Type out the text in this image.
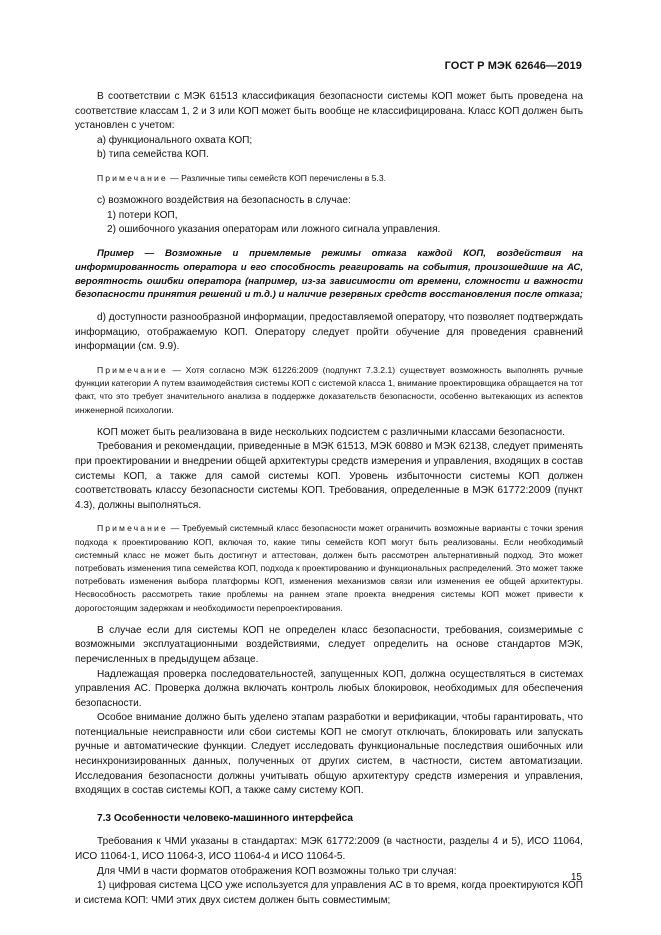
ГОСТ Р МЭК 62646—2019

В соответствии с МЭК 61513 классификация безопасности системы КОП может быть проведена на соответствие классам 1, 2 и 3 или КОП может быть вообще не классифицирована. Класс КОП должен быть установлен с учетом:

a) функционального охвата КОП;

b) типа семейства КОП.

Примечание — Различные типы семейств КОП перечислены в 5.3.

c) возможного воздействия на безопасность в случае:

1) потери КОП,

2) ошибочного указания операторам или ложного сигнала управления.

Пример — Возможные и приемлемые режимы отказа каждой КОП, воздействия на информированность оператора и его способность реагировать на события, произошедшие на АС, вероятность ошибки оператора (например, из-за зависимости от времени, сложности и важности безопасности принятия решений и т.д.) и наличие резервных средств восстановления после отказа;

d) доступности разнообразной информации, предоставляемой оператору, что позволяет подтверждать информацию, отображаемую КОП. Оператору следует пройти обучение для проведения сравнений информации (см. 9.9).

Примечание — Хотя согласно МЭК 61226:2009 (подпункт 7.3.2.1) существует возможность выполнять ручные функции категории А путем взаимодействия системы КОП с системой класса 1, внимание проектировщика обращается на тот факт, что это требует значительного анализа в поддержке доказательств безопасности, особенно вытекающих из аспектов инженерной психологии.

КОП может быть реализована в виде нескольких подсистем с различными классами безопасности.

Требования и рекомендации, приведенные в МЭК 61513, МЭК 60880 и МЭК 62138, следует применять при проектировании и внедрении общей архитектуры средств измерения и управления, входящих в состав системы КОП, а также для самой системы КОП. Уровень избыточности системы КОП должен соответствовать классу безопасности системы КОП. Требования, определенные в МЭК 61772:2009 (пункт 4.3), должны выполняться.

Примечание — Требуемый системный класс безопасности может ограничить возможные варианты с точки зрения подхода к проектированию КОП, включая то, какие типы семейств КОП могут быть реализованы. Если необходимый системный класс не может быть достигнут и аттестован, должен быть рассмотрен альтернативный подход. Это может потребовать изменения типа семейства КОП, подхода к проектированию и функциональных распределений. Это может также потребовать изменения выбора платформы КОП, изменения механизмов связи или изменения ее общей архитектуры. Несвособность рассмотреть такие проблемы на раннем этапе проекта внедрения системы КОП может привести к дорогостоящим задержкам и необходимости перепроектирования.

В случае если для системы КОП не определен класс безопасности, требования, соизмеримые с возможными эксплуатационными воздействиями, следует определить на основе стандартов МЭК, перечисленных в предыдущем абзаце.

Надлежащая проверка последовательностей, запущенных КОП, должна осуществляться в системах управления АС. Проверка должна включать контроль любых блокировок, необходимых для обеспечения безопасности.

Особое внимание должно быть уделено этапам разработки и верификации, чтобы гарантировать, что потенциальные неисправности или сбои системы КОП не смогут отключать, блокировать или запускать ручные и автоматические функции. Следует исследовать функциональные последствия ошибочных или несинхронизированных данных, полученных от других систем, в частности, систем автоматизации. Исследования безопасности должны учитывать общую архитектуру средств измерения и управления, входящих в состав системы КОП, а также саму систему КОП.

7.3 Особенности человеко-машинного интерфейса

Требования к ЧМИ указаны в стандартах: МЭК 61772:2009 (в частности, разделы 4 и 5), ИСО 11064, ИСО 11064-1, ИСО 11064-3, ИСО 11064-4 и ИСО 11064-5.

Для ЧМИ в части форматов отображения КОП возможны только три случая:

1) цифровая система ЦСО уже используется для управления АС в то время, когда проектируются КОП и система КОП: ЧМИ этих двух систем должен быть совместимым;

15
